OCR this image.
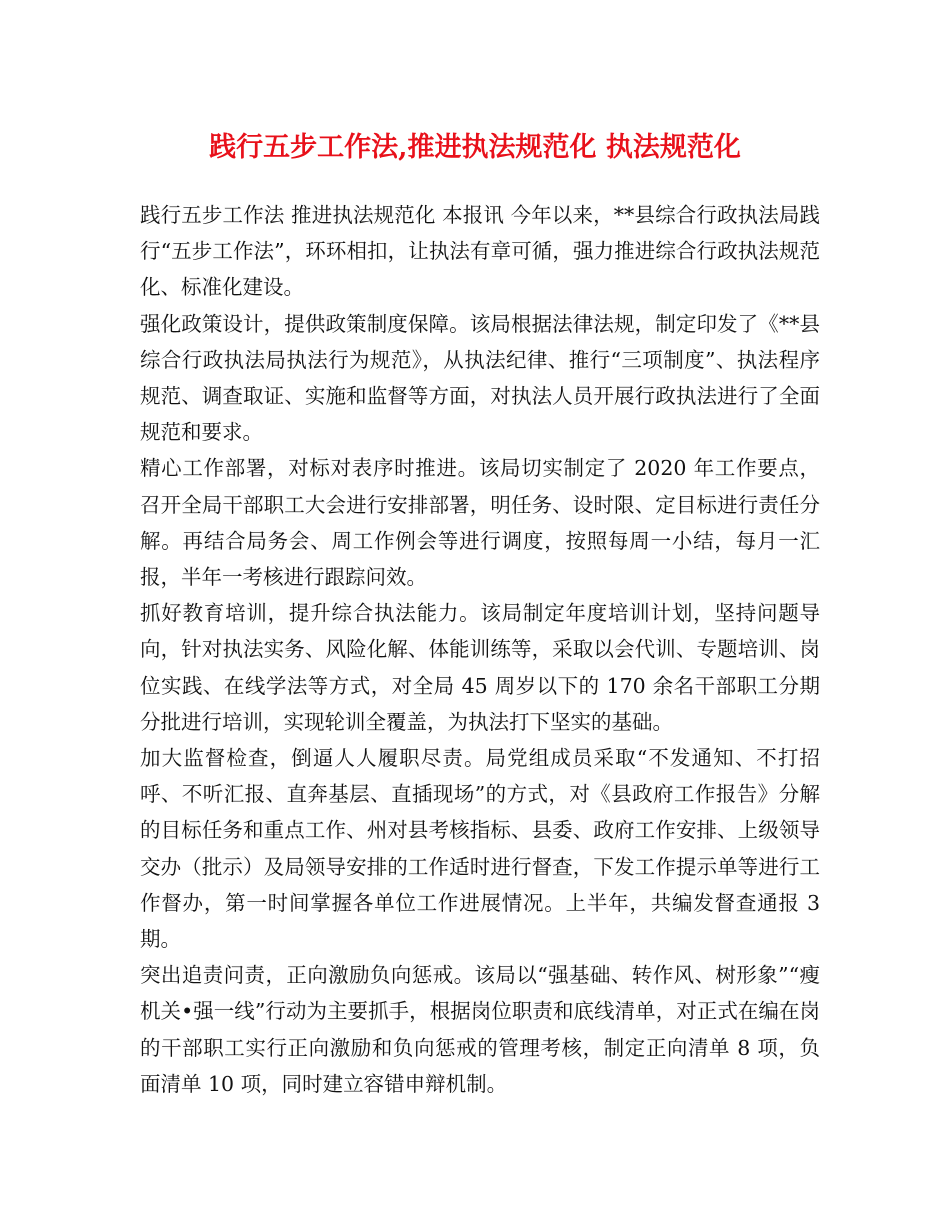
践行五步工作法,推进执法规范化 执法规范化

践行五步工作法 推进执法规范化 本报讯 今年以来，**县综合行政执法局践行“五步工作法”，环环相扣，让执法有章可循，强力推进综合行政执法规范化、标准化建设。

强化政策设计，提供政策制度保障。该局根据法律法规，制定印发了《**县综合行政执法局执法行为规范》，从执法纪律、推行“三项制度”、执法程序规范、调查取证、实施和监督等方面，对执法人员开展行政执法进行了全面规范和要求。

精心工作部署，对标对表序时推进。该局切实制定了 2020 年工作要点，召开全局干部职工大会进行安排部署，明任务、设时限、定目标进行责任分解。再结合局务会、周工作例会等进行调度，按照每周一小结，每月一汇报，半年一考核进行跟踪问效。

抓好教育培训，提升综合执法能力。该局制定年度培训计划，坚持问题导向，针对执法实务、风险化解、体能训练等，采取以会代训、专题培训、岗位实践、在线学法等方式，对全局 45 周岁以下的 170 余名干部职工分期分批进行培训，实现轮训全覆盖，为执法打下坚实的基础。

加大监督检查，倒逼人人履职尽责。局党组成员采取“不发通知、不打招呼、不听汇报、直奔基层、直插现场”的方式，对《县政府工作报告》分解的目标任务和重点工作、州对县考核指标、县委、政府工作安排、上级领导交办（批示）及局领导安排的工作适时进行督查，下发工作提示单等进行工作督办，第一时间掌握各单位工作进展情况。上半年，共编发督查通报 3 期。

突出追责问责，正向激励负向惩戒。该局以“强基础、转作风、树形象”“瘦机关•强一线”行动为主要抓手，根据岗位职责和底线清单，对正式在编在岗的干部职工实行正向激励和负向惩戒的管理考核，制定正向清单 8 项，负面清单 10 项，同时建立容错申辩机制。
